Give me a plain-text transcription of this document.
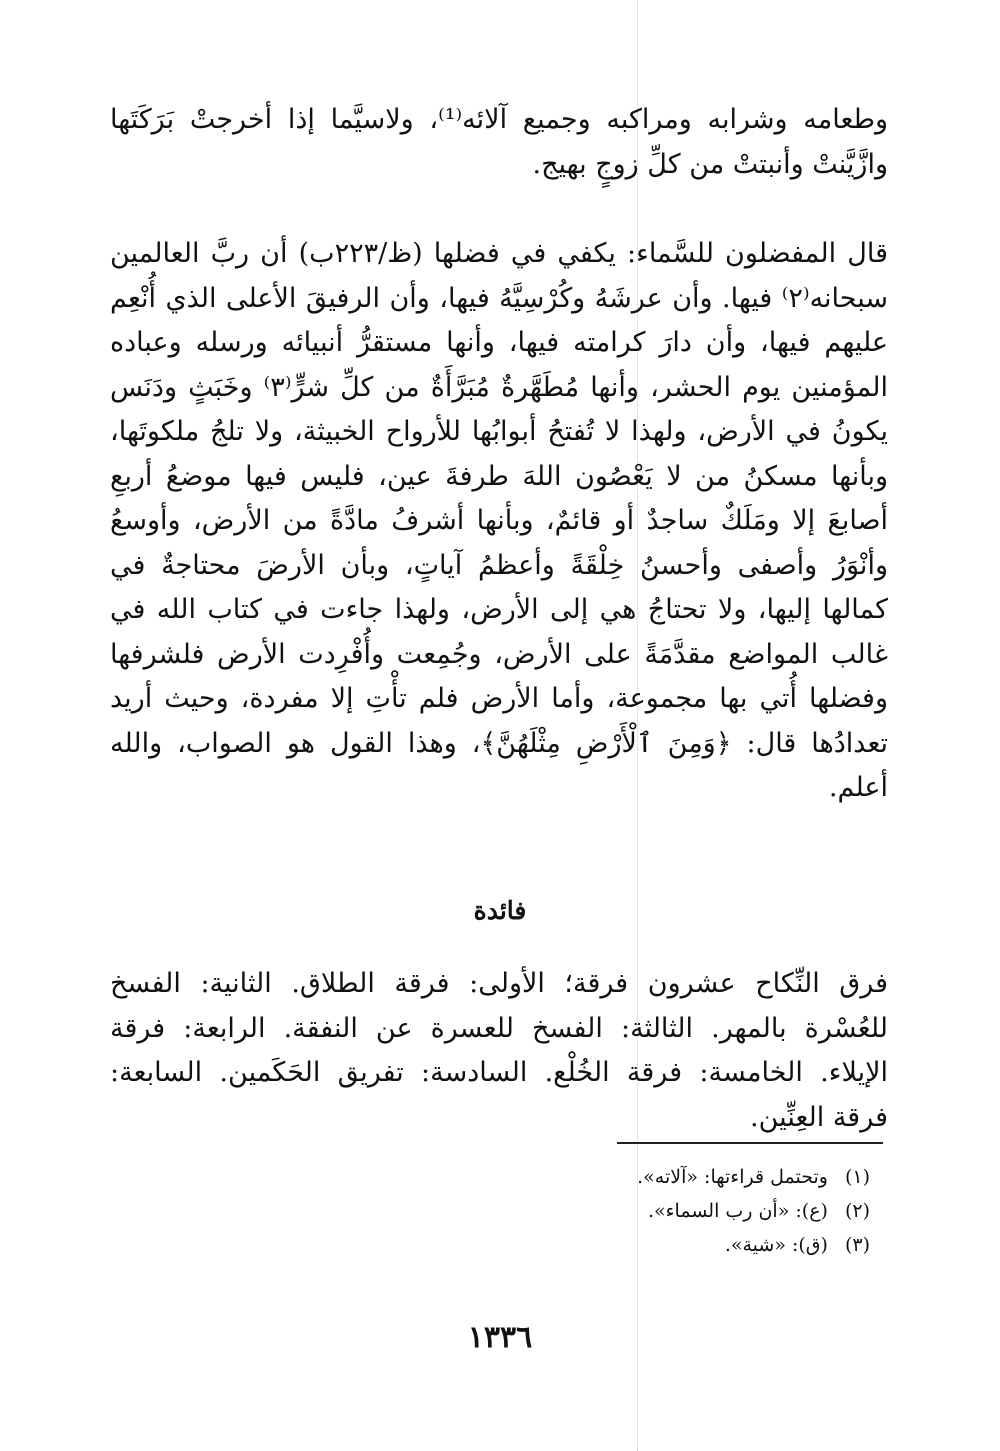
وطعامه وشرابه ومراكبه وجميع آلائه⁽¹⁾، ولاسيَّما إذا أخرجتْ بَرَكَتَها وازَّيَّنتْ وأنبتتْ من كلِّ زوجٍ بهيج.

قال المفضلون للسَّماء: يكفي في فضلها (ظ/٢٢٣ب) أن ربَّ العالمين سبحانه⁽٢⁾ فيها. وأن عرشَهُ وكُرْسِيَّهُ فيها، وأن الرفيقَ الأعلى الذي أُنْعِم عليهم فيها، وأن دارَ كرامته فيها، وأنها مستقرُّ أنبيائه ورسله وعباده المؤمنين يوم الحشر، وأنها مُطَهَّرةٌ مُبَرَّأَةٌ من كلِّ شرٍّ⁽٣⁾ وخَبَثٍ ودَنَس يكونُ في الأرض، ولهذا لا تُفتحُ أبوابُها للأرواح الخبيثة، ولا تلجُ ملكوتَها، وبأنها مسكنُ من لا يَعْصُون اللهَ طرفةَ عين، فليس فيها موضعُ أربعِ أصابعَ إلا ومَلَكٌ ساجدٌ أو قائمٌ، وبأنها أشرفُ مادَّةً من الأرض، وأوسعُ وأنْوَرُ وأصفى وأحسنُ خِلْقَةً وأعظمُ آياتٍ، وبأن الأرضَ محتاجةٌ في كمالها إليها، ولا تحتاجُ هي إلى الأرض، ولهذا جاءت في كتاب الله في غالب المواضع مقدَّمَةً على الأرض، وجُمِعت وأُفْرِدت الأرض فلشرفها وفضلها أُتي بها مجموعة، وأما الأرض فلم تأْتِ إلا مفردة، وحيث أريد تعدادُها قال: ﴿وَمِنَ ٱلْأَرْضِ مِثْلَهُنَّ﴾، وهذا القول هو الصواب، والله أعلم.

فائدة

فرق النِّكاح عشرون فرقة؛ الأولى: فرقة الطلاق. الثانية: الفسخ للعُسْرة بالمهر. الثالثة: الفسخ للعسرة عن النفقة. الرابعة: فرقة الإيلاء. الخامسة: فرقة الخُلْع. السادسة: تفريق الحَكَمين. السابعة: فرقة العِنِّين.

(١) وتحتمل قراءتها: «آلاته».
(٢) (ع): «أن رب السماء».
(٣) (ق): «شية».
١٣٣٦
